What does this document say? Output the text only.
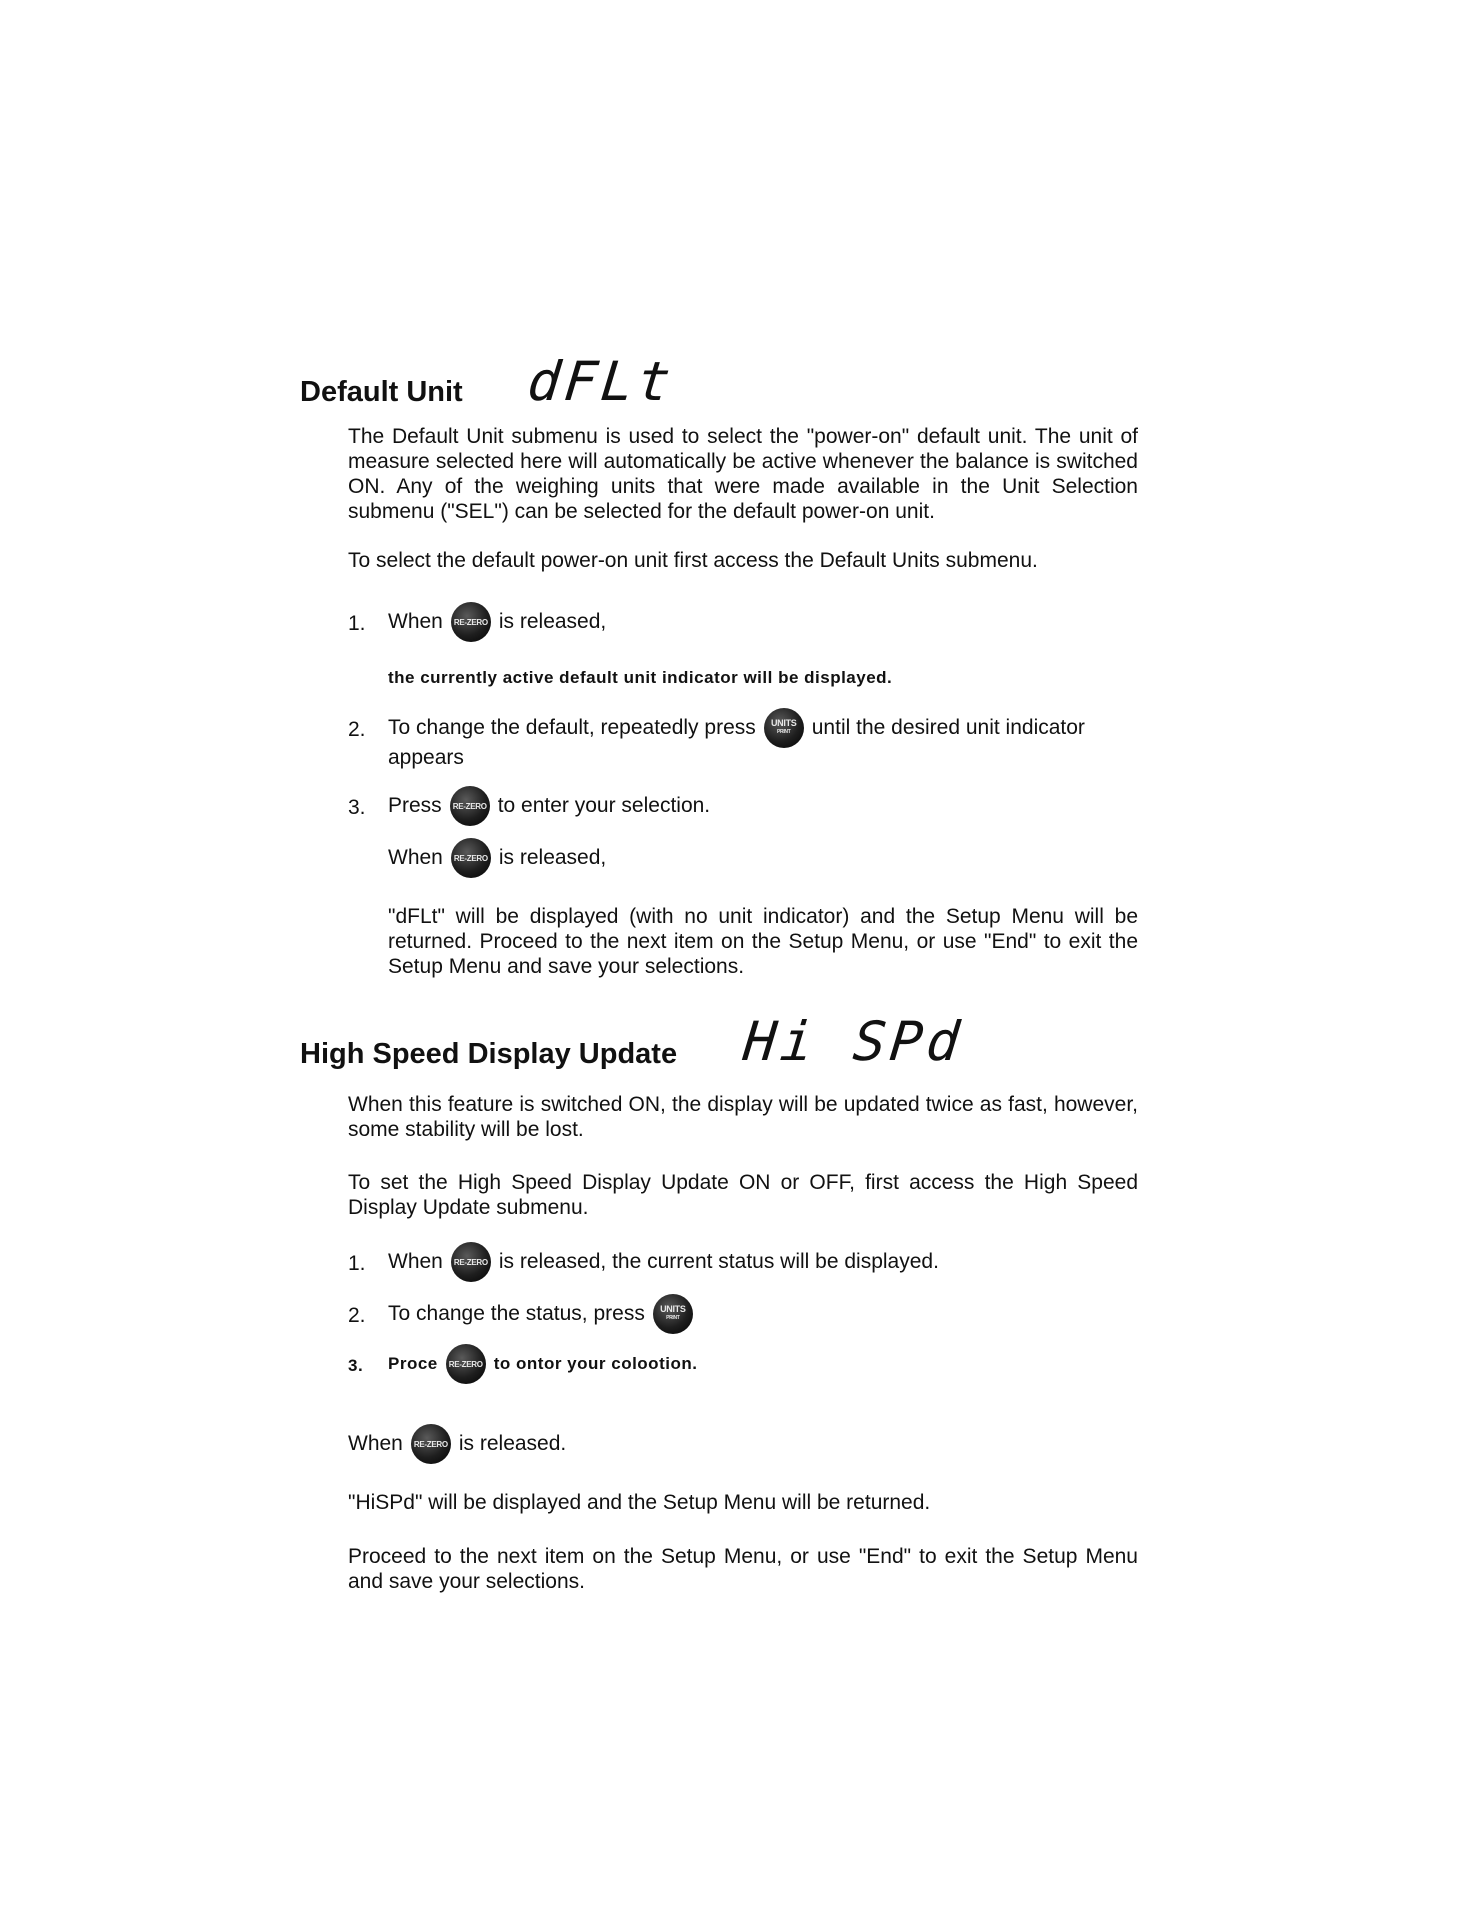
Default Unit dFLt
The Default Unit submenu is used to select the "power-on" default unit. The unit of measure selected here will automatically be active whenever the balance is switched ON. Any of the weighing units that were made available in the Unit Selection submenu ("SEL") can be selected for the default power-on unit.
To select the default power-on unit first access the Default Units submenu.
1. When	RE-ZERO is released,
the currently active default unit indicator will be displayed.
2. To change the default, repeatedly press UNITS
PRINT until the desired unit indicator
appears
3. Press	RE-ZERO to enter your selection.
When	RE-ZERO is released,
"dFLt" will be displayed (with no unit indicator) and the Setup Menu will be returned. Proceed to the next item on the Setup Menu, or use "End" to exit the Setup Menu and save your selections.
High Speed Display Update Hi SPd
When this feature is switched ON, the display will be updated twice as fast, however, some stability will be lost.
To set the High Speed Display Update ON or OFF, first access the High Speed Display Update submenu.
1. When	RE-ZERO is released, the current status will be displayed.
2. To change the status, press UNITS
PRINT
3. Proce	RE-ZERO to ontor your colootion.
When	RE-ZERO is released.
"HiSPd" will be displayed and the Setup Menu will be returned.
Proceed to the next item on the Setup Menu, or use "End" to exit the Setup Menu and save your selections.
